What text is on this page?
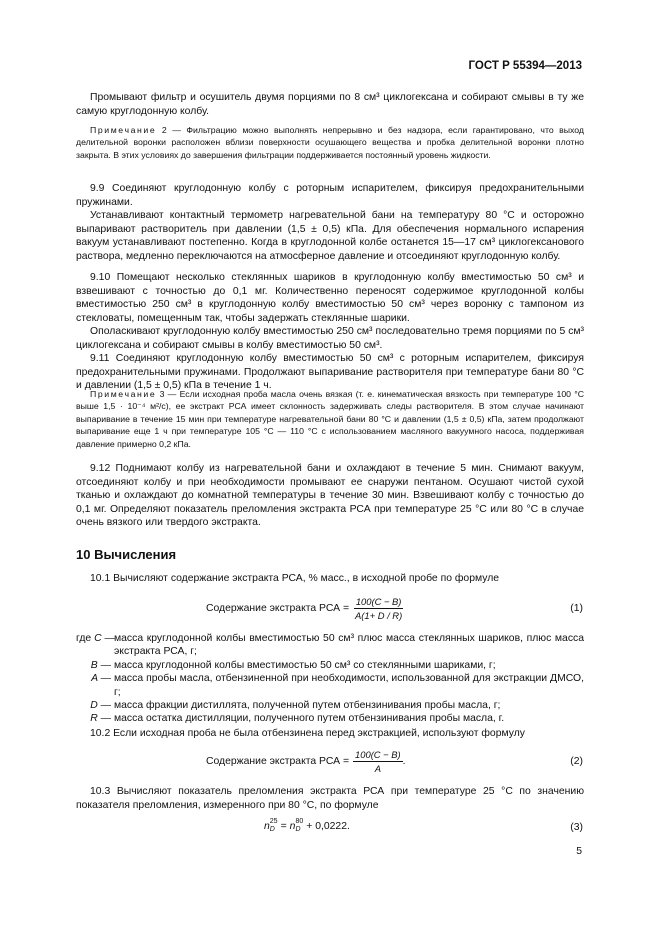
ГОСТ Р 55394—2013
Промывают фильтр и осушитель двумя порциями по 8 см³ циклогексана и собирают смывы в ту же самую круглодонную колбу.
Примечание 2 — Фильтрацию можно выполнять непрерывно и без надзора, если гарантировано, что выход делительной воронки расположен вблизи поверхности осушающего вещества и пробка делительной воронки плотно закрыта. В этих условиях до завершения фильтрации поддерживается постоянный уровень жидкости.
9.9 Соединяют круглодонную колбу с роторным испарителем, фиксируя предохранительными пружинами.
Устанавливают контактный термометр нагревательной бани на температуру 80 °С и осторожно выпаривают растворитель при давлении (1,5 ± 0,5) кПа. Для обеспечения нормального испарения вакуум устанавливают постепенно. Когда в круглодонной колбе останется 15—17 см³ циклогексанового раствора, медленно переключаются на атмосферное давление и отсоединяют круглодонную колбу.
9.10 Помещают несколько стеклянных шариков в круглодонную колбу вместимостью 50 см³ и взвешивают с точностью до 0,1 мг. Количественно переносят содержимое круглодонной колбы вместимостью 250 см³ в круглодонную колбу вместимостью 50 см³ через воронку с тампоном из стекловаты, помещенным так, чтобы задержать стеклянные шарики.
Ополаскивают круглодонную колбу вместимостью 250 см³ последовательно тремя порциями по 5 см³ циклогексана и собирают смывы в колбу вместимостью 50 см³.
9.11 Соединяют круглодонную колбу вместимостью 50 см³ с роторным испарителем, фиксируя предохранительными пружинами. Продолжают выпаривание растворителя при температуре бани 80 °С и давлении (1,5 ± 0,5) кПа в течение 1 ч.
Примечание 3 — Если исходная проба масла очень вязкая (т. е. кинематическая вязкость при температуре 100 °С выше 1,5 · 10⁻⁴ м²/с), ее экстракт РСА имеет склонность задерживать следы растворителя. В этом случае начинают выпаривание в течение 15 мин при температуре нагревательной бани 80 °С и давлении (1,5 ± 0,5) кПа, затем продолжают выпаривание еще 1 ч при температуре 105 °С — 110 °С с использованием масляного вакуумного насоса, поддерживая давление примерно 0,2 кПа.
9.12 Поднимают колбу из нагревательной бани и охлаждают в течение 5 мин. Снимают вакуум, отсоединяют колбу и при необходимости промывают ее снаружи пентаном. Осушают чистой сухой тканью и охлаждают до комнатной температуры в течение 30 мин. Взвешивают колбу с точностью до 0,1 мг. Определяют показатель преломления экстракта РСА при температуре 25 °С или 80 °С в случае очень вязкого или твердого экстракта.
10 Вычисления
10.1 Вычисляют содержание экстракта РСА, % масс., в исходной пробе по формуле
Содержание экстракта РСА = $\frac{100(C - B)}{A(1+ D / R)}$	(1)
где C — масса круглодонной колбы вместимостью 50 см³ плюс масса стеклянных шариков, плюс масса экстракта РСА, г;
B — масса круглодонной колбы вместимостью 50 см³ со стеклянными шариками, г;
A — масса пробы масла, отбензиненной при необходимости, использованной для экстракции ДМСО, г;
D — масса фракции дистиллята, полученной путем отбензинивания пробы масла, г;
R — масса остатка дистилляции, полученного путем отбензинивания пробы масла, г.
10.2 Если исходная проба не была отбензинена перед экстракцией, используют формулу
Содержание экстракта РСА = $\frac{100(C - B)}{A}$ .	(2)
10.3 Вычисляют показатель преломления экстракта РСА при температуре 25 °С по значению показателя преломления, измеренного при 80 °С, по формуле
n 25
D = n 80
D + 0,0222.	(3)
5
